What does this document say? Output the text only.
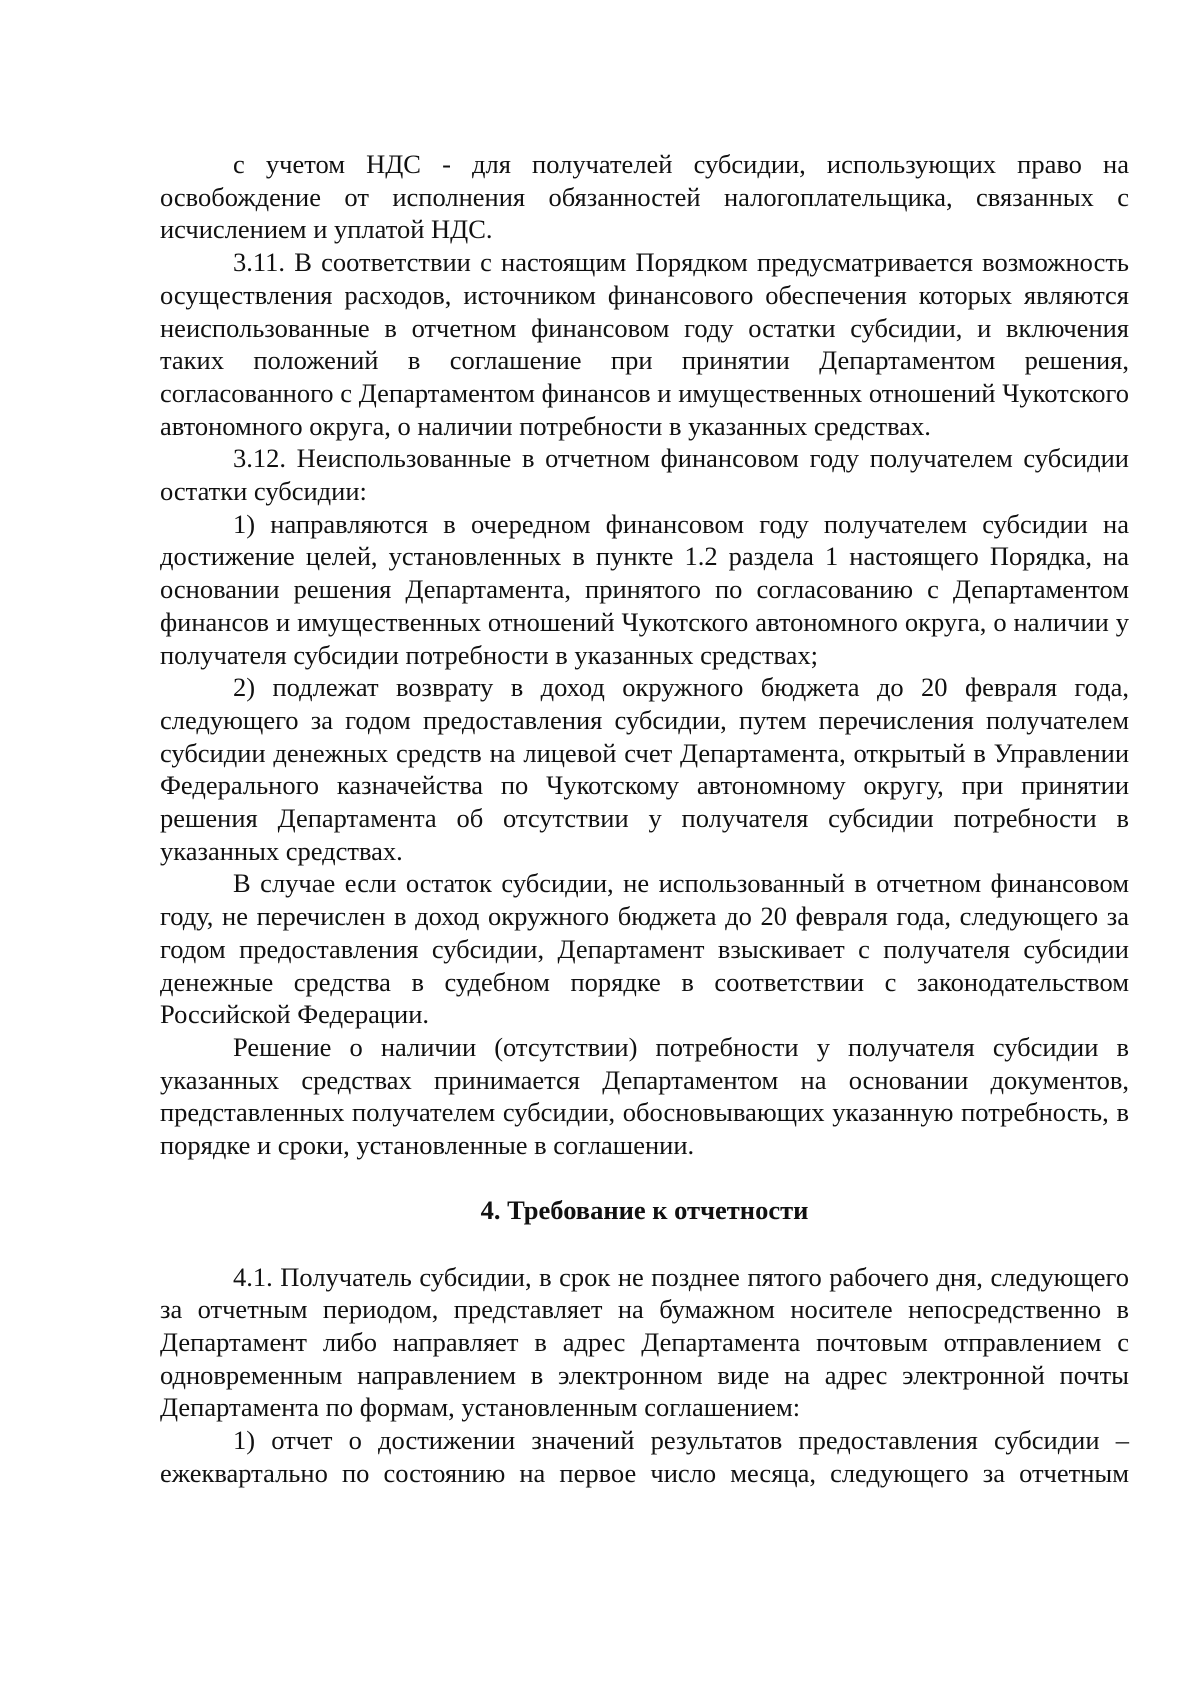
с учетом НДС - для получателей субсидии, использующих право на освобождение от исполнения обязанностей налогоплательщика, связанных с исчислением и уплатой НДС.

3.11. В соответствии с настоящим Порядком предусматривается возможность осуществления расходов, источником финансового обеспечения которых являются неиспользованные в отчетном финансовом году остатки субсидии, и включения таких положений в соглашение при принятии Департаментом решения, согласованного с Департаментом финансов и имущественных отношений Чукотского автономного округа, о наличии потребности в указанных средствах.

3.12. Неиспользованные в отчетном финансовом году получателем субсидии остатки субсидии:

1) направляются в очередном финансовом году получателем субсидии на достижение целей, установленных в пункте 1.2 раздела 1 настоящего Порядка, на основании решения Департамента, принятого по согласованию с Департаментом финансов и имущественных отношений Чукотского автономного округа, о наличии у получателя субсидии потребности в указанных средствах;

2) подлежат возврату в доход окружного бюджета до 20 февраля года, следующего за годом предоставления субсидии, путем перечисления получателем субсидии денежных средств на лицевой счет Департамента, открытый в Управлении Федерального казначейства по Чукотскому автономному округу, при принятии решения Департамента об отсутствии у получателя субсидии потребности в указанных средствах.

В случае если остаток субсидии, не использованный в отчетном финансовом году, не перечислен в доход окружного бюджета до 20 февраля года, следующего за годом предоставления субсидии, Департамент взыскивает с получателя субсидии денежные средства в судебном порядке в соответствии с законодательством Российской Федерации.

Решение о наличии (отсутствии) потребности у получателя субсидии в указанных средствах принимается Департаментом на основании документов, представленных получателем субсидии, обосновывающих указанную потребность, в порядке и сроки, установленные в соглашении.

4. Требование к отчетности

4.1. Получатель субсидии, в срок не позднее пятого рабочего дня, следующего за отчетным периодом, представляет на бумажном носителе непосредственно в Департамент либо направляет в адрес Департамента почтовым отправлением с одновременным направлением в электронном виде на адрес электронной почты Департамента по формам, установленным соглашением:

1) отчет о достижении значений результатов предоставления субсидии – ежеквартально по состоянию на первое число месяца, следующего за отчетным
